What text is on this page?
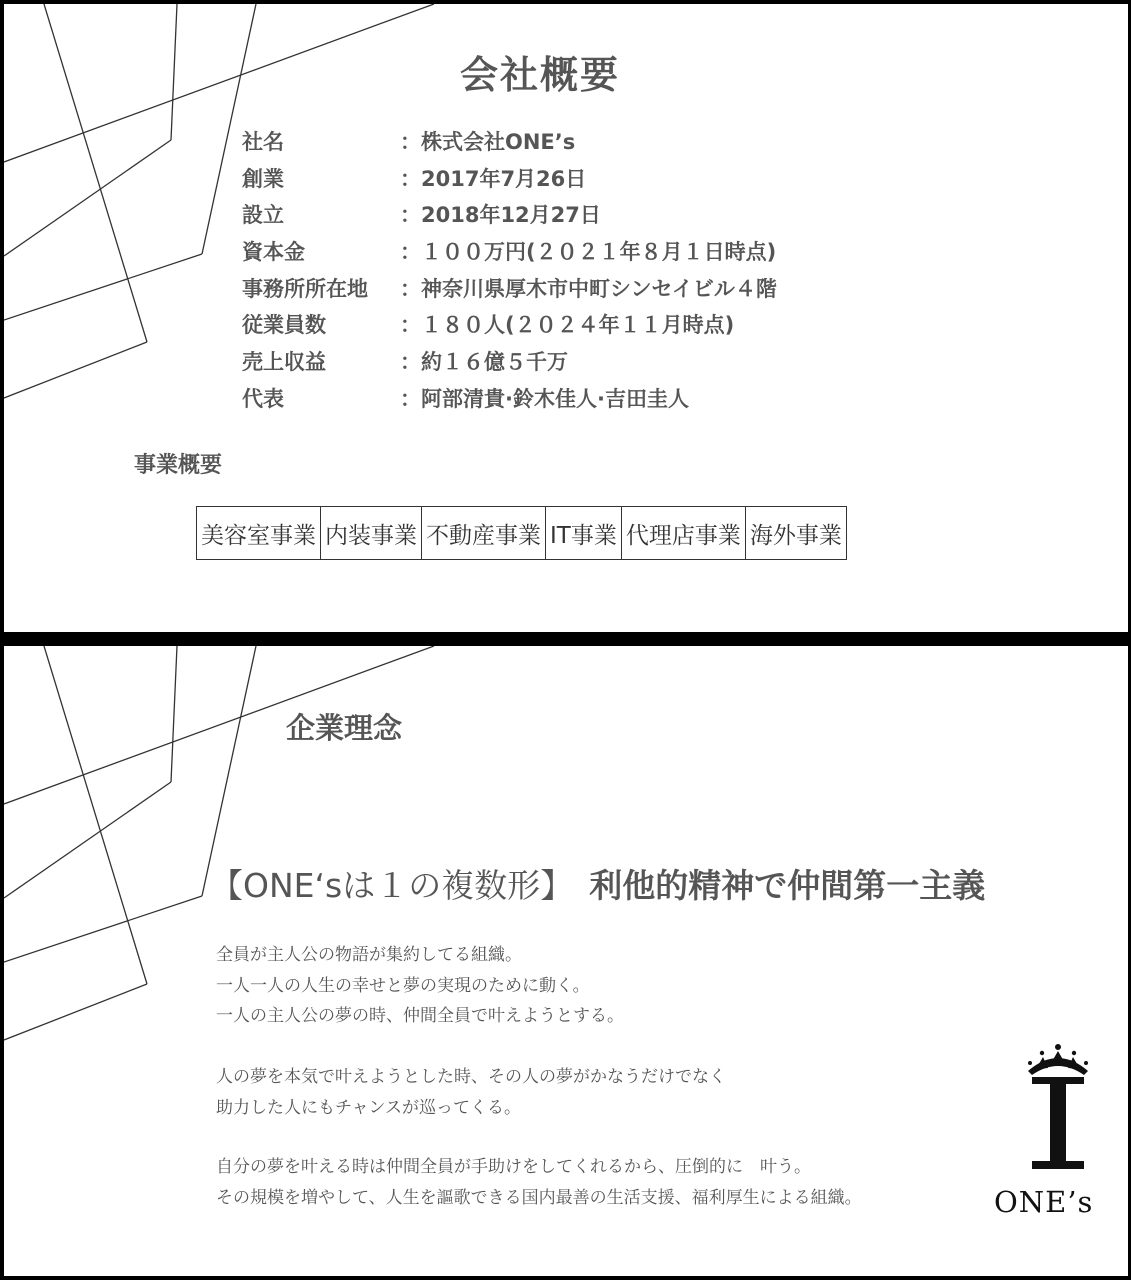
会社概要
社名	：株式会社ONE’s
創業	：2017年7月26日
設立	：2018年12月27日
資本金	：１００万円(２０２１年８月１日時点)
事務所所在地 ：神奈川県厚木市中町シンセイビル４階
従業員数	：１８０人(２０２４年１１月時点)
売上収益	：約１６億５千万
代表	：阿部清貴·鈴木佳人·吉田圭人
事業概要
美容室事業	内装事業	不動産事業	IT事業	代理店事業	海外事業
企業理念
【ONE‘sは１の複数形】 利他的精神で仲間第一主義
全員が主人公の物語が集約してる組織。
一人一人の人生の幸せと夢の実現のために動く。
一人の主人公の夢の時、仲間全員で叶えようとする。
人の夢を本気で叶えようとした時、その人の夢がかなうだけでなく
助力した人にもチャンスが巡ってくる。
自分の夢を叶える時は仲間全員が手助けをしてくれるから、圧倒的に　叶う。
その規模を増やして、人生を謳歌できる国内最善の生活支援、福利厚生による組織。	ONE’s
